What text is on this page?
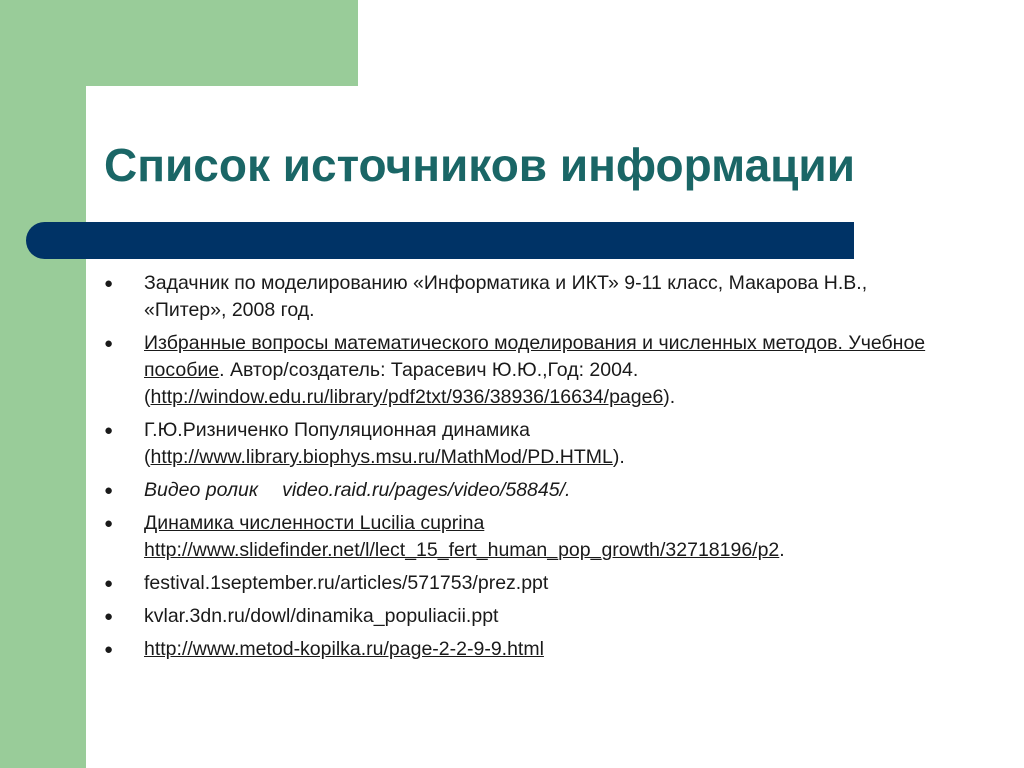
Список источников информации
● Задачник по моделированию «Информатика и ИКТ» 9-11 класс, Макарова Н.В., «Питер», 2008 год.
● Избранные вопросы математического моделирования и численных методов. Учебное пособие. Автор/создатель: Тарасевич Ю.Ю.,Год: 2004. (http://window.edu.ru/library/pdf2txt/936/38936/16634/page6).
● Г.Ю.Ризниченко Популяционная динамика (http://www.library.biophys.msu.ru/MathMod/PD.HTML).
● Видео ролик video.raid.ru/pages/video/58845/.
● Динамика численности Lucilia cuprina
http://www.slidefinder.net/l/lect_15_fert_human_pop_growth/32718196/p2.
● festival.1september.ru/articles/571753/prez.ppt
● kvlar.3dn.ru/dowl/dinamika_populiacii.ppt
● http://www.metod-kopilka.ru/page-2-2-9-9.html
